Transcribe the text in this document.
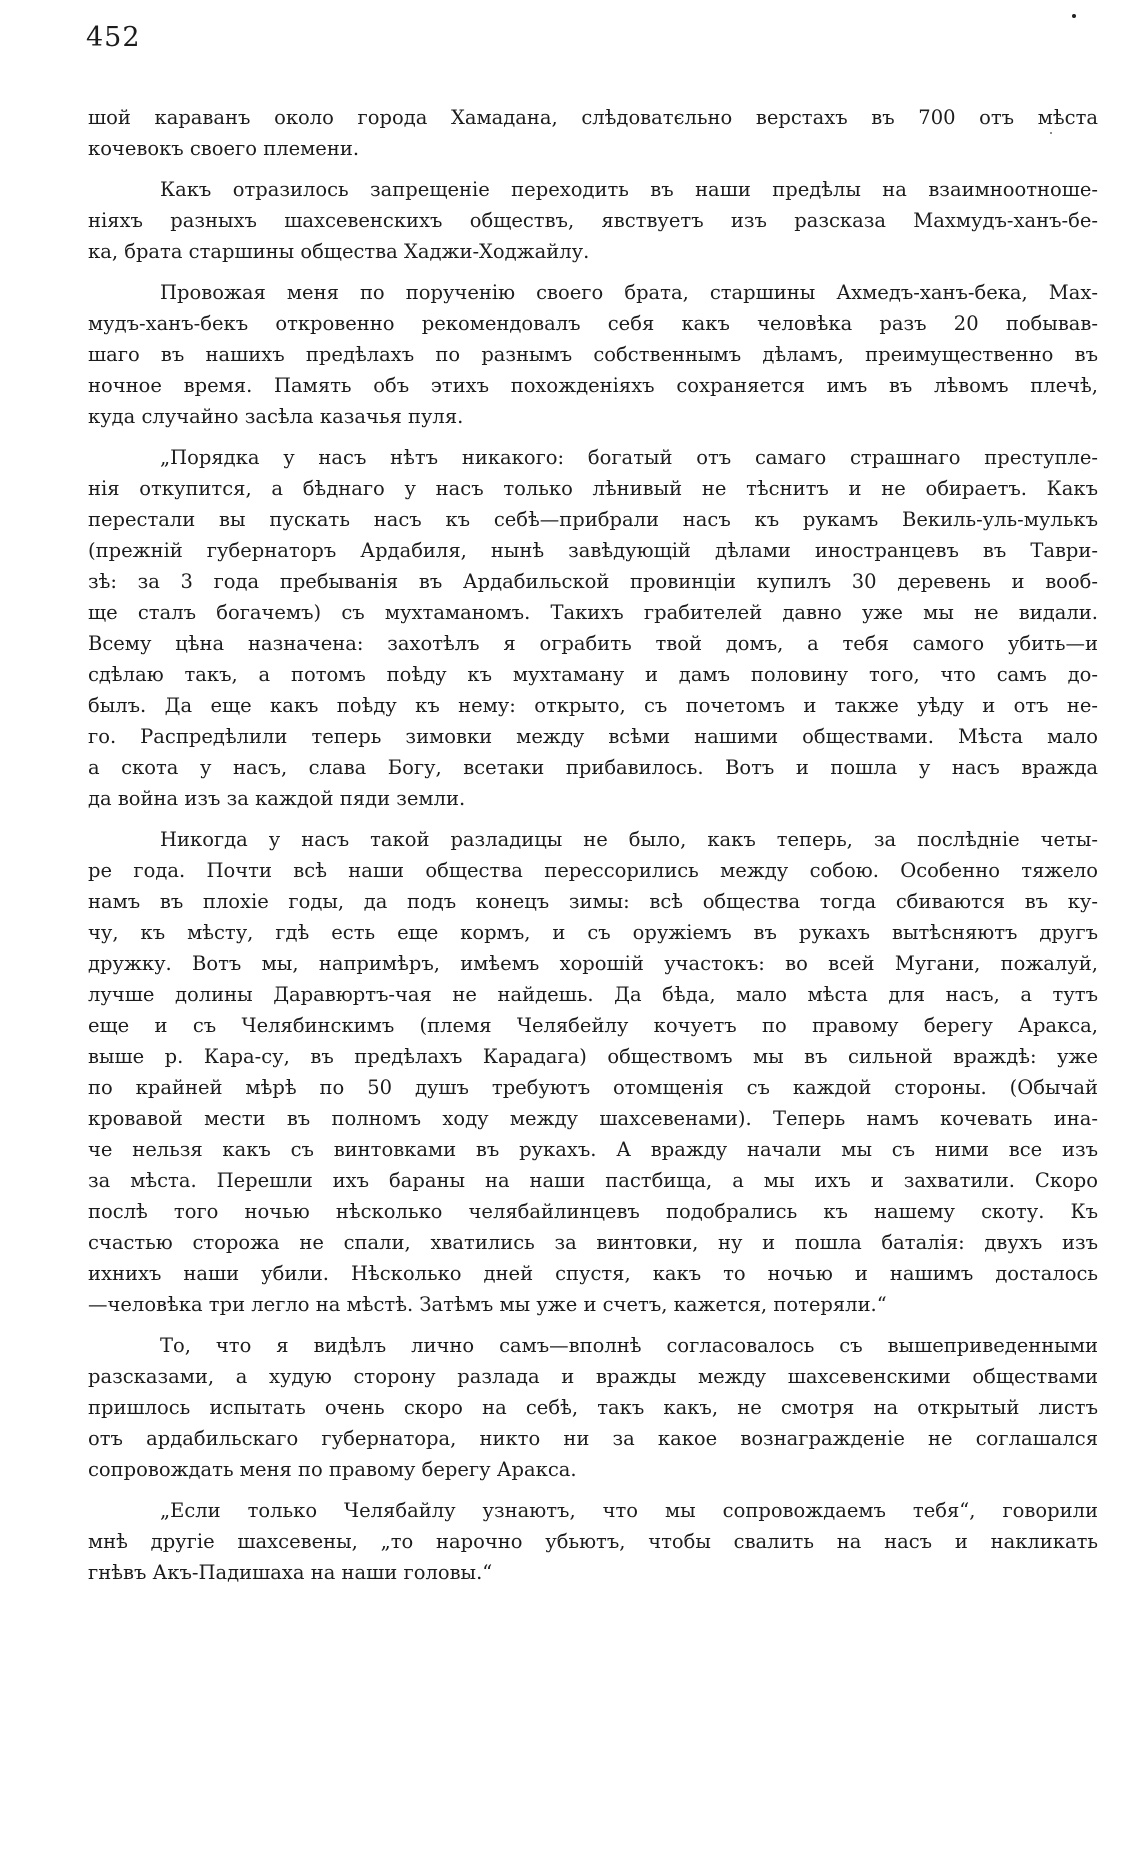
452

шой караванъ около города Хамадана, слѣдоватєльно верстахъ въ 700 отъ мѣста
кочевокъ своего племени.

Какъ отразилось запрещеніе переходить въ наши предѣлы на взаимноотноше-
ніяхъ разныхъ шахсевенскихъ обществъ, явствуетъ изъ разсказа Махмудъ-ханъ-бе-
ка, брата старшины общества Хаджи-Ходжайлу.

Провожая меня по порученію своего брата, старшины Ахмедъ-ханъ-бека, Мах-
мудъ-ханъ-бекъ откровенно рекомендовалъ себя какъ человѣка разъ 20 побывав-
шаго въ нашихъ предѣлахъ по разнымъ собственнымъ дѣламъ, преимущественно въ
ночное время. Память объ этихъ похожденіяхъ сохраняется имъ въ лѣвомъ плечѣ,
куда случайно засѣла казачья пуля.

„Порядка у насъ нѣтъ никакого: богатый отъ самаго страшнаго преступле-
нія откупится, а бѣднаго у насъ только лѣнивый не тѣснитъ и не обираетъ. Какъ
перестали вы пускать насъ къ себѣ—прибрали насъ къ рукамъ Векиль-уль-мулькъ
(прежній губернаторъ Ардабиля, нынѣ завѣдующій дѣлами иностранцевъ въ Таври-
зѣ: за 3 года пребыванія въ Ардабильской провинціи купилъ 30 деревень и вооб-
ще сталъ богачемъ) съ мухтаманомъ. Такихъ грабителей давно уже мы не видали.
Всему цѣна назначена: захотѣлъ я ограбить твой домъ, а тебя самого убить—и
сдѣлаю такъ, а потомъ поѣду къ мухтаману и дамъ половину того, что самъ до-
былъ. Да еще какъ поѣду къ нему: открыто, съ почетомъ и также уѣду и отъ не-
го. Распредѣлили теперь зимовки между всѣми нашими обществами. Мѣста мало
а скота у насъ, слава Богу, всетаки прибавилось. Вотъ и пошла у насъ вражда
да война изъ за каждой пяди земли.

Никогда у насъ такой разладицы не было, какъ теперь, за послѣдніе четы-
ре года. Почти всѣ наши общества перессорились между собою. Особенно тяжело
намъ въ плохіе годы, да подъ конецъ зимы: всѣ общества тогда сбиваются въ ку-
чу, къ мѣсту, гдѣ есть еще кормъ, и съ оружіемъ въ рукахъ вытѣсняютъ другъ
дружку. Вотъ мы, напримѣръ, имѣемъ хорошій участокъ: во всей Мугани, пожалуй,
лучше долины Даравюртъ-чая не найдешь. Да бѣда, мало мѣста для насъ, а тутъ
еще и съ Челябинскимъ (племя Челябейлу кочуетъ по правому берегу Аракса,
выше р. Кара-су, въ предѣлахъ Карадага) обществомъ мы въ сильной враждѣ: уже
по крайней мѣрѣ по 50 душъ требуютъ отомщенія съ каждой стороны. (Обычай
кровавой мести въ полномъ ходу между шахсевенами). Теперь намъ кочевать ина-
че нельзя какъ съ винтовками въ рукахъ. А вражду начали мы съ ними все изъ
за мѣста. Перешли ихъ бараны на наши пастбища, а мы ихъ и захватили. Скоро
послѣ того ночью нѣсколько челябайлинцевъ подобрались къ нашему скоту. Къ
счастью сторожа не спали, хватились за винтовки, ну и пошла баталія: двухъ изъ
ихнихъ наши убили. Нѣсколько дней спустя, какъ то ночью и нашимъ досталось
—человѣка три легло на мѣстѣ. Затѣмъ мы уже и счетъ, кажется, потеряли.“

То, что я видѣлъ лично самъ—вполнѣ согласовалось съ вышеприведенными
разсказами, а худую сторону разлада и вражды между шахсевенскими обществами
пришлось испытать очень скоро на себѣ, такъ какъ, не смотря на открытый листъ
отъ ардабильскаго губернатора, никто ни за какое вознагражденіе не соглашался
сопровождать меня по правому берегу Аракса.

„Если только Челябайлу узнаютъ, что мы сопровождаемъ тебя“, говорили
мнѣ другіе шахсевены, „то нарочно убьютъ, чтобы свалить на насъ и накликать
гнѣвъ Акъ-Падишаха на наши головы.“
